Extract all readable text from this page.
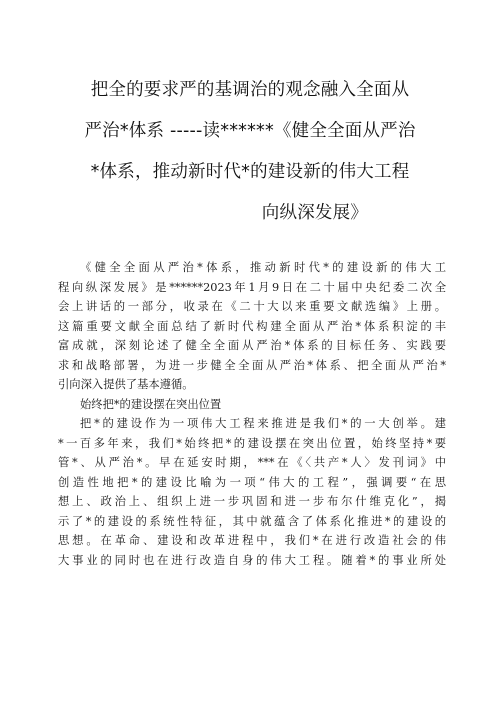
把全的要求严的基调治的观念融入全面从
严治*体系 -----读******《健全全面从严治
*体系，推动新时代*的建设新的伟大工程
向纵深发展》
《健全全面从严治*体系，推动新时代*的建设新的伟大工
程向纵深发展》是******2023年1月9日在二十届中央纪委二次全
会上讲话的一部分，收录在《二十大以来重要文献选编》上册。
这篇重要文献全面总结了新时代构建全面从严治*体系积淀的丰
富成就，深刻论述了健全全面从严治*体系的目标任务、实践要
求和战略部署，为进一步健全全面从严治*体系、把全面从严治*
引向深入提供了基本遵循。
始终把*的建设摆在突出位置
把*的建设作为一项伟大工程来推进是我们*的一大创举。建
*一百多年来，我们*始终把*的建设摆在突出位置，始终坚持*要
管*、从严治*。早在延安时期，***在《〈共产*人〉发刊词》中
创造性地把*的建设比喻为一项“伟大的工程”，强调要“在思
想上、政治上、组织上进一步巩固和进一步布尔什维克化”，揭
示了*的建设的系统性特征，其中就蕴含了体系化推进*的建设的
思想。在革命、建设和改革进程中，我们*在进行改造社会的伟
大事业的同时也在进行改造自身的伟大工程。随着*的事业所处
